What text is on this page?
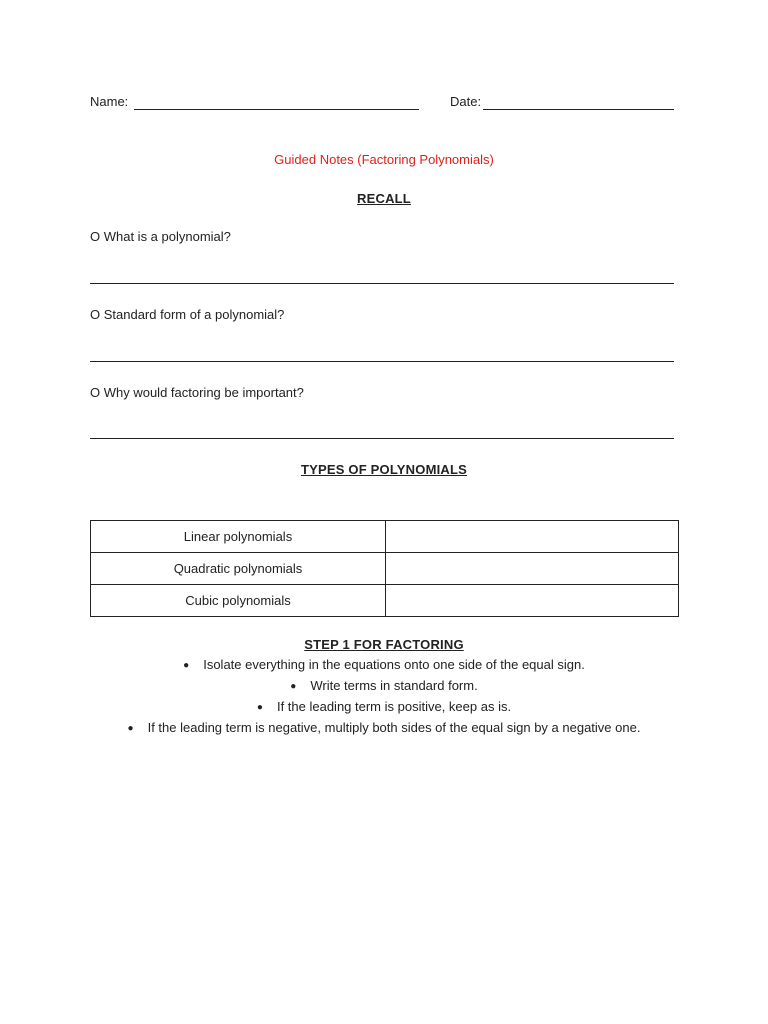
Name:	Date:
Guided Notes (Factoring Polynomials)
RECALL
O What is a polynomial?
O Standard form of a polynomial?
O Why would factoring be important?
TYPES OF POLYNOMIALS
Linear polynomials	
Quadratic polynomials	
Cubic polynomials	
STEP 1 FOR FACTORING
● Isolate everything in the equations onto one side of the equal sign.
● Write terms in standard form.
● If the leading term is positive, keep as is.
● If the leading term is negative, multiply both sides of the equal sign by a negative one.
